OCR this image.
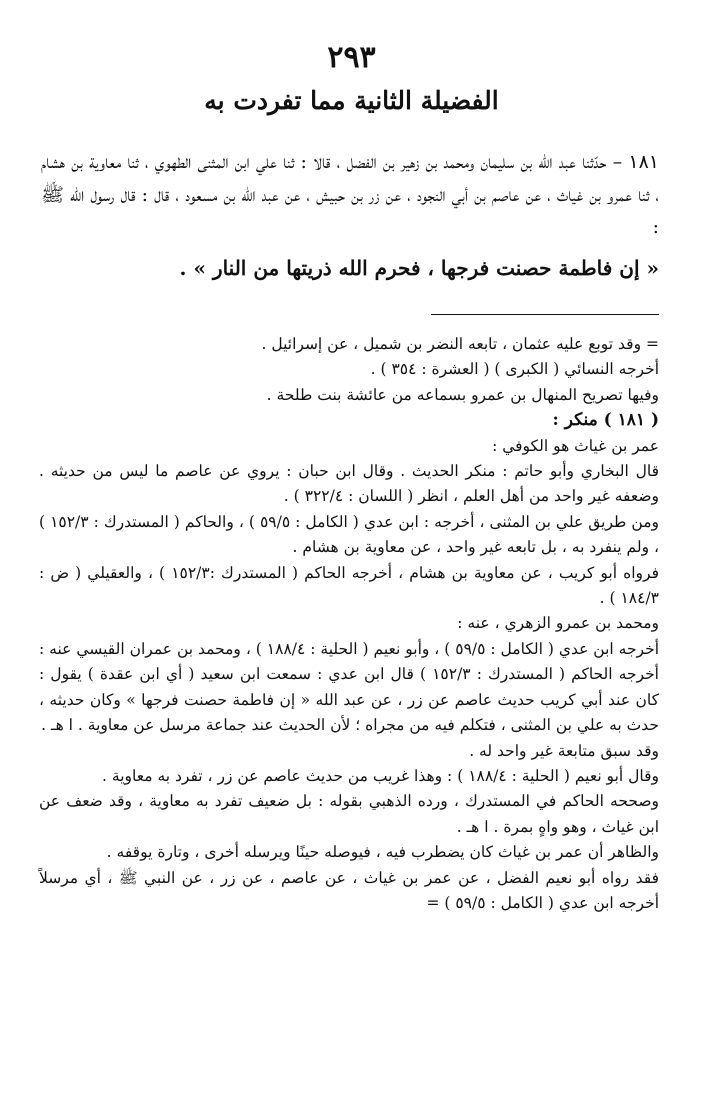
٢٩٣
الفضيلة الثانية مما تفردت به

١٨١ – حدّثنا عبد الله بن سليمان ومحمد بن زهير بن الفضل ، قالا : ثنا علي ابن المثنى الطهوي ، ثنا معاوية بن هشام ، ثنا عمرو بن غياث ، عن عاصم بن أبي النجود ، عن زر بن حبيش ، عن عبد الله بن مسعود ، قال : قال رسول الله ﷺ :

« إن فاطمة حصنت فرجها ، فحرم الله ذريتها من النار » .

= وقد توبع عليه عثمان ، تابعه النضر بن شميل ، عن إسرائيل .

أخرجه النسائي ( الكبرى ) ( العشرة : ٣٥٤ ) .

وفيها تصريح المنهال بن عمرو بسماعه من عائشة بنت طلحة .

( ١٨١ ) منكر :

عمر بن غياث هو الكوفي :

قال البخاري وأبو حاتم : منكر الحديث . وقال ابن حبان : يروي عن عاصم ما ليس من حديثه . وضعفه غير واحد من أهل العلم ، انظر ( اللسان : ٣٢٢/٤ ) .

ومن طريق علي بن المثنى ، أخرجه : ابن عدي ( الكامل : ٥٩/٥ ) ، والحاكم ( المستدرك : ١٥٢/٣ ) ، ولم ينفرد به ، بل تابعه غير واحد ، عن معاوية بن هشام .

فرواه أبو كريب ، عن معاوية بن هشام ، أخرجه الحاكم ( المستدرك :١٥٢/٣ ) ، والعقيلي ( ض : ١٨٤/٣ ) .

ومحمد بن عمرو الزهري ، عنه :

أخرجه ابن عدي ( الكامل : ٥٩/٥ ) ، وأبو نعيم ( الحلية : ١٨٨/٤ ) ، ومحمد بن عمران القيسي عنه : أخرجه الحاكم ( المستدرك : ١٥٢/٣ ) قال ابن عدي : سمعت ابن سعيد ( أي ابن عقدة ) يقول : كان عند أبي كريب حديث عاصم عن زر ، عن عبد الله « إن فاطمة حصنت فرجها » وكان حديثه ، حدث به علي بن المثنى ، فتكلم فيه من مجراه ؛ لأن الحديث عند جماعة مرسل عن معاوية . ا هـ .

وقد سبق متابعة غير واحد له .

وقال أبو نعيم ( الحلية : ١٨٨/٤ ) : وهذا غريب من حديث عاصم عن زر ، تفرد به معاوية .

وصححه الحاكم في المستدرك ، ورده الذهبي بقوله : بل ضعيف تفرد به معاوية ، وقد ضعف عن ابن غياث ، وهو واهٍ بمرة . ا هـ .

والظاهر أن عمر بن غياث كان يضطرب فيه ، فيوصله حينًا ويرسله أخرى ، وتارة يوقفه .

فقد رواه أبو نعيم الفضل ، عن عمر بن غياث ، عن عاصم ، عن زر ، عن النبي ﷺ ، أي مرسلاً أخرجه ابن عدي ( الكامل : ٥٩/٥ ) =
